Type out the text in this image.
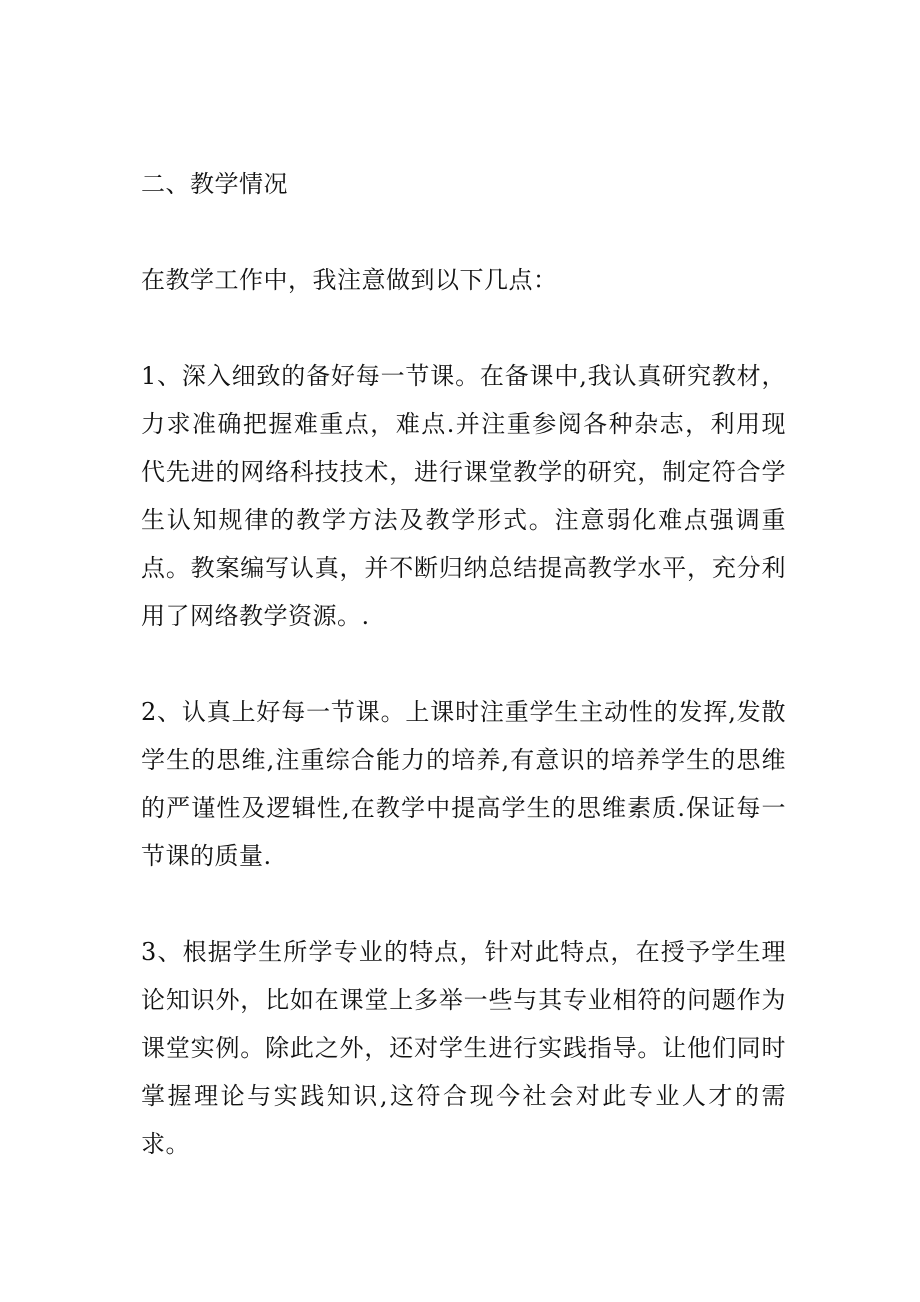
二、教学情况

在教学工作中，我注意做到以下几点：

1、深入细致的备好每一节课。在备课中,我认真研究教材，力求准确把握难重点，难点.并注重参阅各种杂志，利用现代先进的网络科技技术，进行课堂教学的研究，制定符合学生认知规律的教学方法及教学形式。注意弱化难点强调重点。教案编写认真，并不断归纳总结提高教学水平，充分利用了网络教学资源。.

2、认真上好每一节课。上课时注重学生主动性的发挥,发散学生的思维,注重综合能力的培养,有意识的培养学生的思维的严谨性及逻辑性,在教学中提高学生的思维素质.保证每一节课的质量.

3、根据学生所学专业的特点，针对此特点，在授予学生理论知识外，比如在课堂上多举一些与其专业相符的问题作为课堂实例。除此之外，还对学生进行实践指导。让他们同时掌握理论与实践知识,这符合现今社会对此专业人才的需求。
